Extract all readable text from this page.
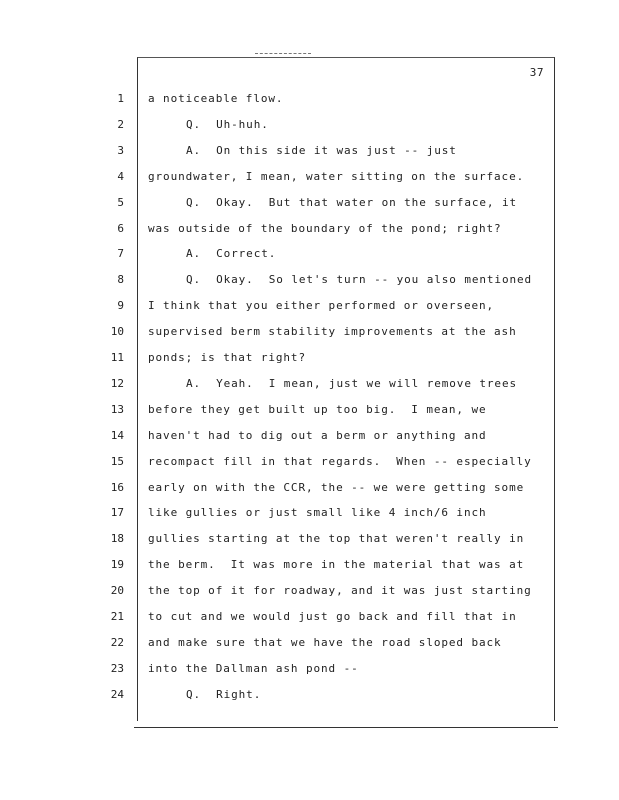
37
1 a noticeable flow.
2	Q.  Uh-huh.
3	A.  On this side it was just -- just
4 groundwater, I mean, water sitting on the surface.
5	Q.  Okay.  But that water on the surface, it
6 was outside of the boundary of the pond; right?
7	A.  Correct.
8	Q.  Okay.  So let's turn -- you also mentioned
9 I think that you either performed or overseen,
10 supervised berm stability improvements at the ash
11 ponds; is that right?
12	A.  Yeah.  I mean, just we will remove trees
13 before they get built up too big.  I mean, we
14 haven't had to dig out a berm or anything and
15 recompact fill in that regards.  When -- especially
16 early on with the CCR, the -- we were getting some
17 like gullies or just small like 4 inch/6 inch
18 gullies starting at the top that weren't really in
19 the berm.  It was more in the material that was at
20 the top of it for roadway, and it was just starting
21 to cut and we would just go back and fill that in
22 and make sure that we have the road sloped back
23 into the Dallman ash pond --
24	Q.  Right.
